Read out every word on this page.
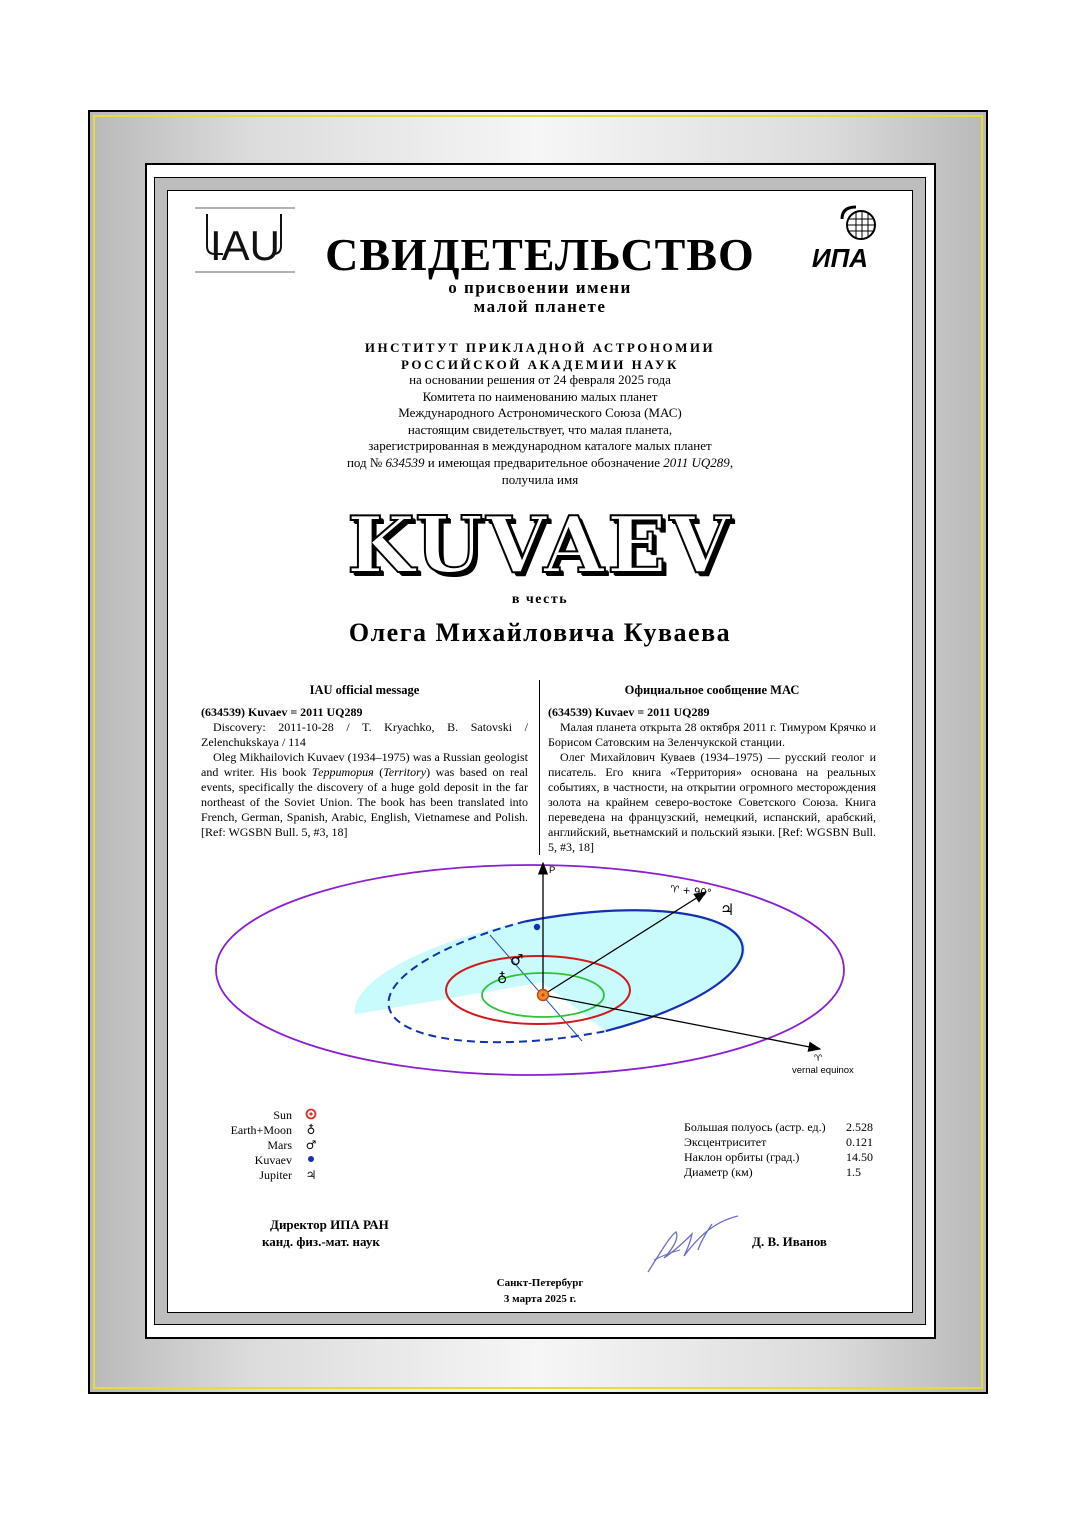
IAU	ИПА
СВИДЕТЕЛЬСТВО
о присвоении имени
малой планете
ИНСТИТУТ ПРИКЛАДНОЙ АСТРОНОМИИ
РОССИЙСКОЙ АКАДЕМИИ НАУК
на основании решения от 24 февраля 2025 года
Комитета по наименованию малых планет
Международного Астрономического Союза (МАС)
настоящим свидетельствует, что малая планета,
зарегистрированная в международном каталоге малых планет
под № 634539 и имеющая предварительное обозначение 2011 UQ289,
получила имя
KUVAEV
в честь
Олега Михайловича Куваева
IAU official message
(634539) Kuvaev = 2011 UQ289

Discovery: 2011-10-28 / T. Kryachko, B. Satovski / Zelenchukskaya / 114

Oleg Mikhailovich Kuvaev (1934–1975) was a Russian geologist and writer. His book Территория (Territory) was based on real events, specifically the discovery of a huge gold deposit in the far northeast of the Soviet Union. The book has been translated into French, German, Spanish, Arabic, English, Vietnamese and Polish. [Ref: WGSBN Bull. 5, #3, 18]

Официальное сообщение МАС
(634539) Kuvaev = 2011 UQ289

Малая планета открыта 28 октября 2011 г. Тимуром Крячко и Борисом Сатовским на Зеленчукской станции.

Олег Михайлович Куваев (1934–1975) — русский геолог и писатель. Его книга «Территория» основана на реальных событиях, в частности, на открытии огромного месторождения золота на крайнем северо-востоке Советского Союза. Книга переведена на французский, немецкий, испанский, арабский, английский, вьетнамский и польский языки. [Ref: WGSBN Bull. 5, #3, 18]

P
♈ + 90°
♈
vernal equinox
♂
♁
♃
Sun
Earth+Moon ♁
Mars ♂
Kuvaev
Jupiter ♃
Большая полуось (астр. ед.) 2.528
Эксцентриситет	0.121
Наклон орбиты (град.)	14.50
Диаметр (км)	1.5
Директор ИПА РАН
канд. физ.-мат. наук	Д. В. Иванов
Санкт-Петербург
3 марта 2025 г.
